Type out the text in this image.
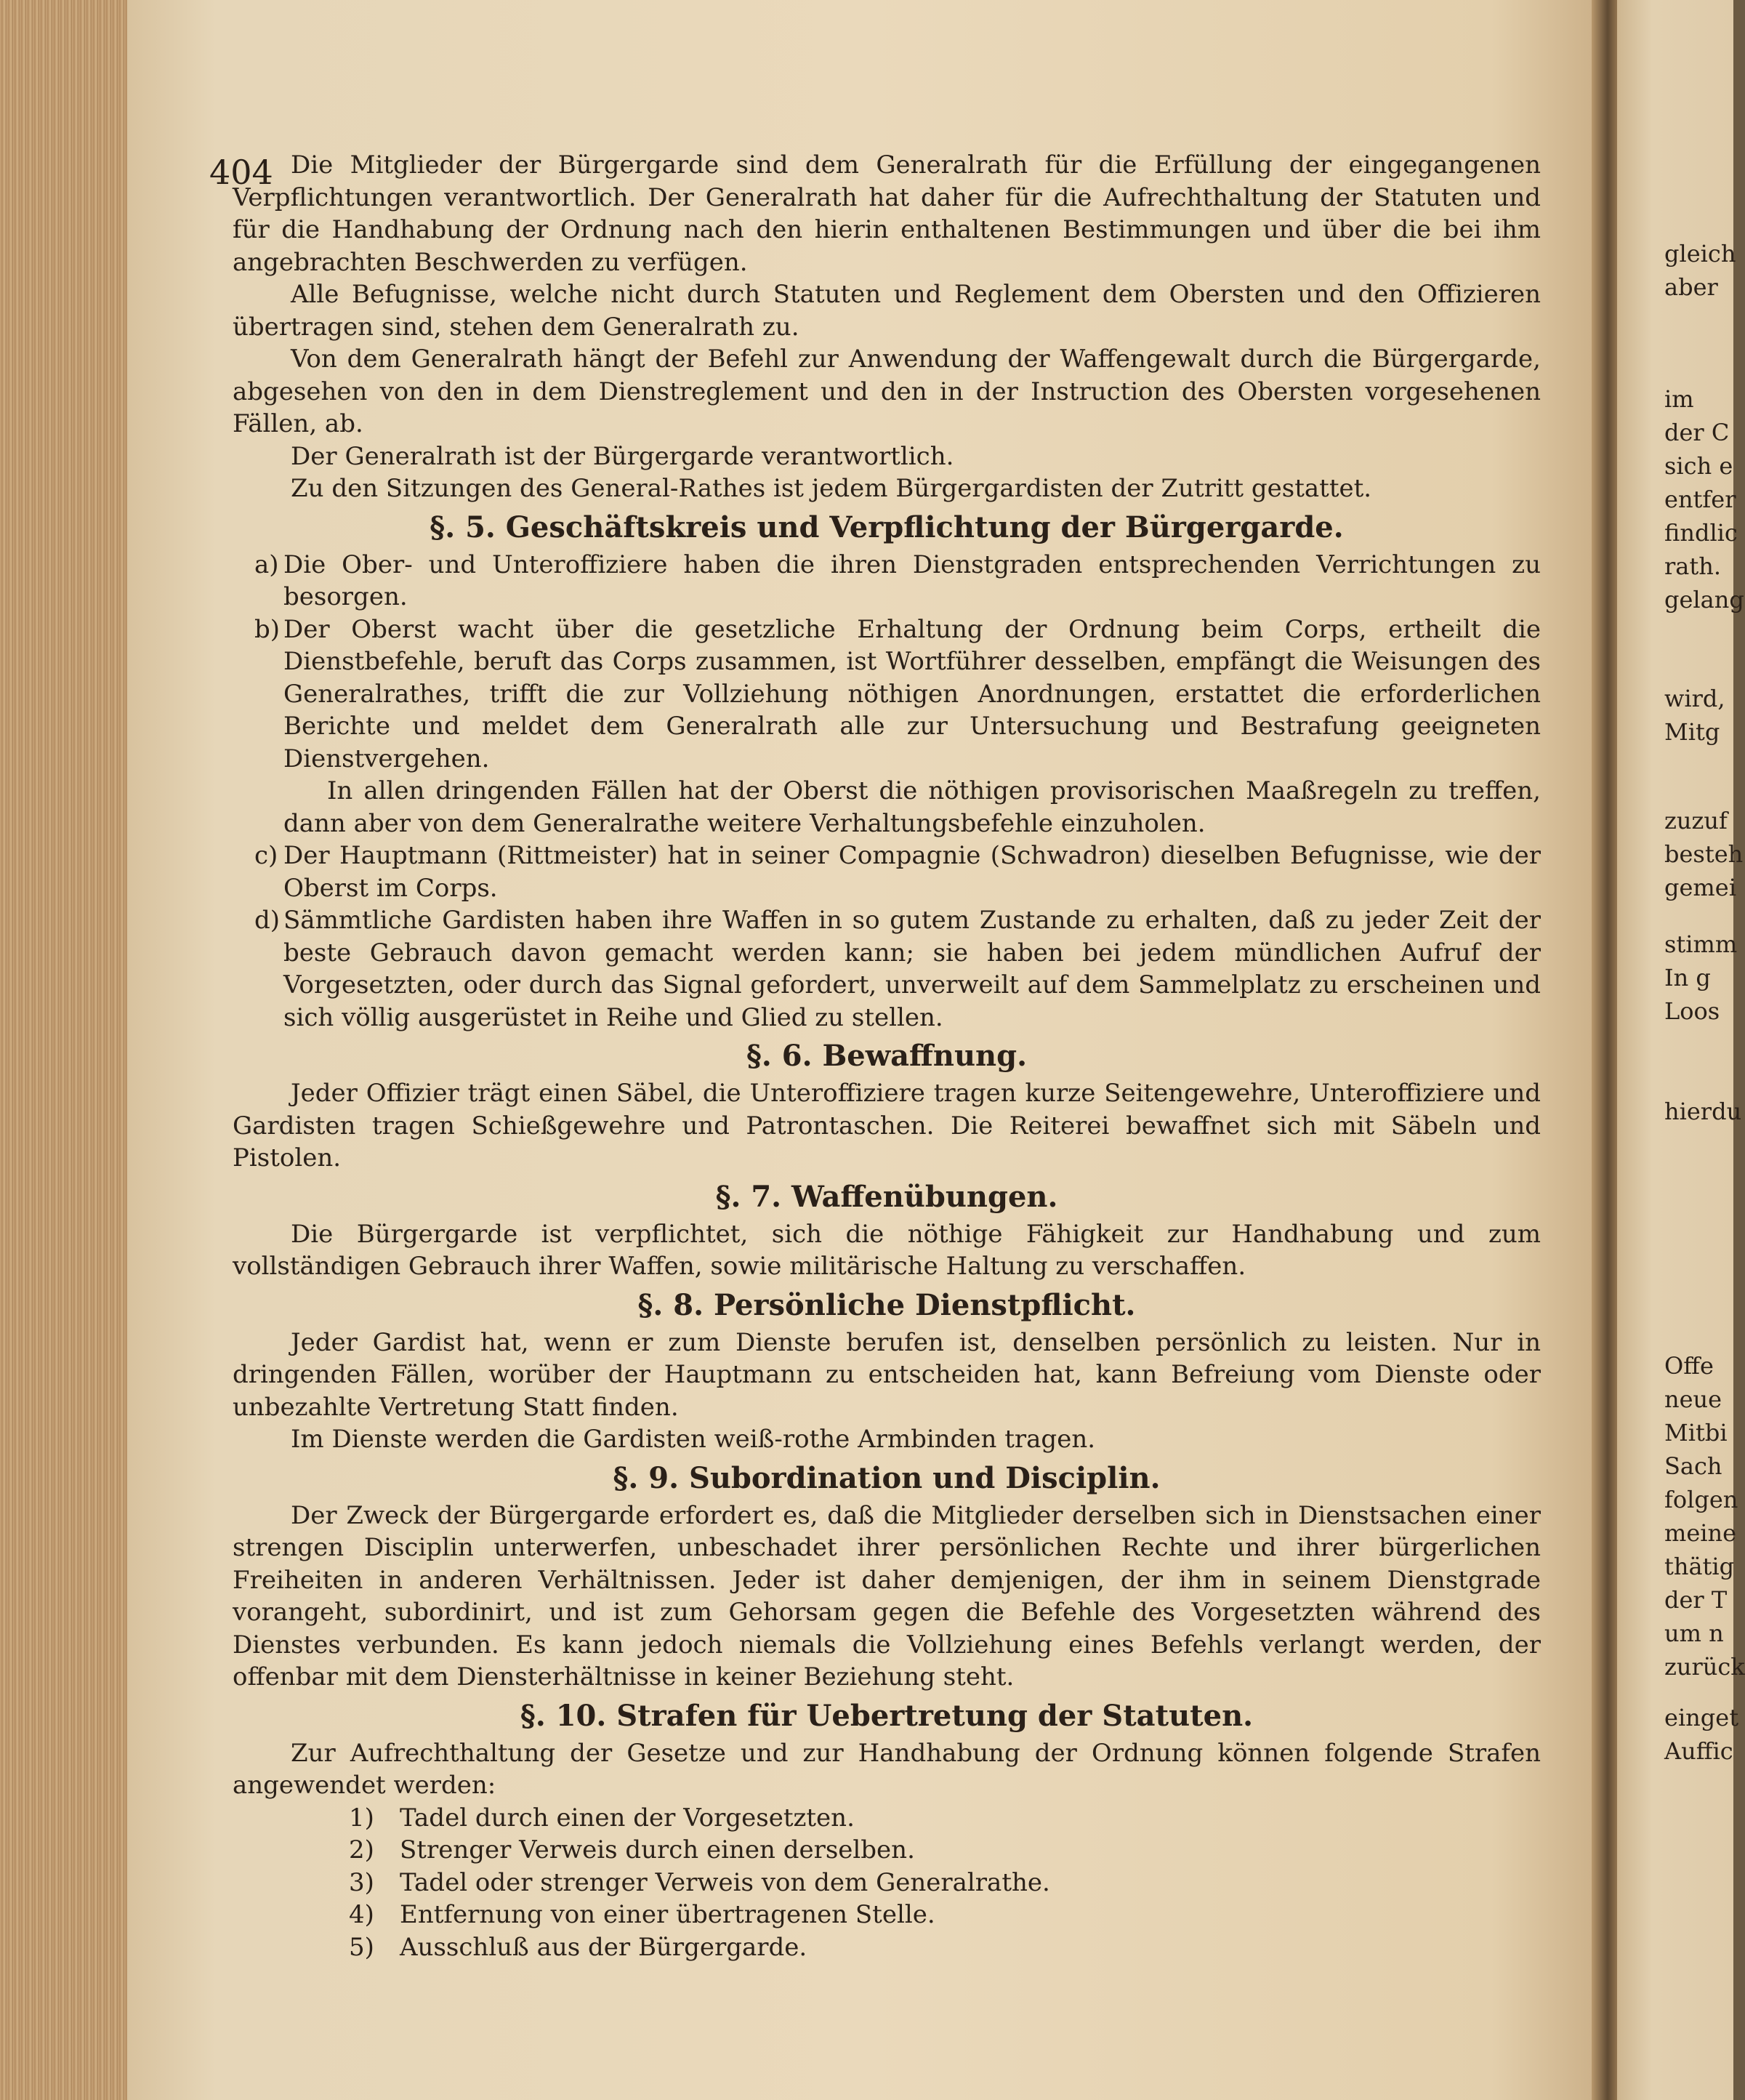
404 Die Mitglieder der Bürgergarde sind dem Generalrath für die Erfüllung der eingegangenen Verpflichtungen verantwortlich. Der Generalrath hat daher für die Aufrechthaltung der Statuten und für die Handhabung der Ordnung nach den hierin enthaltenen Bestimmungen und über die bei ihm angebrachten Beschwerden zu verfügen.

Alle Befugnisse, welche nicht durch Statuten und Reglement dem Obersten und den Offizieren übertragen sind, stehen dem Generalrath zu.

Von dem Generalrath hängt der Befehl zur Anwendung der Waffengewalt durch die Bürgergarde, abgesehen von den in dem Dienstreglement und den in der Instruction des Obersten vorgesehenen Fällen, ab.

Der Generalrath ist der Bürgergarde verantwortlich.

Zu den Sitzungen des General-Rathes ist jedem Bürgergardisten der Zutritt gestattet.

§. 5. Geschäftskreis und Verpflichtung der Bürgergarde.

a) Die Ober- und Unteroffiziere haben die ihren Dienstgraden entsprechenden Verrichtungen zu besorgen.

b) Der Oberst wacht über die gesetzliche Erhaltung der Ordnung beim Corps, ertheilt die Dienstbefehle, beruft das Corps zusammen, ist Wortführer desselben, empfängt die Weisungen des Generalrathes, trifft die zur Vollziehung nöthigen Anordnungen, erstattet die erforderlichen Berichte und meldet dem Generalrath alle zur Untersuchung und Bestrafung geeigneten Dienstvergehen.

In allen dringenden Fällen hat der Oberst die nöthigen provisorischen Maaßregeln zu treffen, dann aber von dem Generalrathe weitere Verhaltungsbefehle einzuholen.

c) Der Hauptmann (Rittmeister) hat in seiner Compagnie (Schwadron) dieselben Befugnisse, wie der Oberst im Corps.

d) Sämmtliche Gardisten haben ihre Waffen in so gutem Zustande zu erhalten, daß zu jeder Zeit der beste Gebrauch davon gemacht werden kann; sie haben bei jedem mündlichen Aufruf der Vorgesetzten, oder durch das Signal gefordert, unverweilt auf dem Sammelplatz zu erscheinen und sich völlig ausgerüstet in Reihe und Glied zu stellen.

§. 6. Bewaffnung.

Jeder Offizier trägt einen Säbel, die Unteroffiziere tragen kurze Seitengewehre, Unteroffiziere und Gardisten tragen Schießgewehre und Patrontaschen. Die Reiterei bewaffnet sich mit Säbeln und Pistolen.

§. 7. Waffenübungen.

Die Bürgergarde ist verpflichtet, sich die nöthige Fähigkeit zur Handhabung und zum vollständigen Gebrauch ihrer Waffen, sowie militärische Haltung zu verschaffen.

§. 8. Persönliche Dienstpflicht.

Jeder Gardist hat, wenn er zum Dienste berufen ist, denselben persönlich zu leisten. Nur in dringenden Fällen, worüber der Hauptmann zu entscheiden hat, kann Befreiung vom Dienste oder unbezahlte Vertretung Statt finden.

Im Dienste werden die Gardisten weiß-rothe Armbinden tragen.

§. 9. Subordination und Disciplin.

Der Zweck der Bürgergarde erfordert es, daß die Mitglieder derselben sich in Dienstsachen einer strengen Disciplin unterwerfen, unbeschadet ihrer persönlichen Rechte und ihrer bürgerlichen Freiheiten in anderen Verhältnissen. Jeder ist daher demjenigen, der ihm in seinem Dienstgrade vorangeht, subordinirt, und ist zum Gehorsam gegen die Befehle des Vorgesetzten während des Dienstes verbunden. Es kann jedoch niemals die Vollziehung eines Befehls verlangt werden, der offenbar mit dem Diensterhältnisse in keiner Beziehung steht.

§. 10. Strafen für Uebertretung der Statuten.

Zur Aufrechthaltung der Gesetze und zur Handhabung der Ordnung können folgende Strafen angewendet werden:

1) Tadel durch einen der Vorgesetzten.

2) Strenger Verweis durch einen derselben.

3) Tadel oder strenger Verweis von dem Generalrathe.

4) Entfernung von einer übertragenen Stelle.

5) Ausschluß aus der Bürgergarde.

gleich
aber
im
der C
sich e
entfer
findlic
rath.
gelang
wird,
Mitg
zuzuf
besteh
gemei
stimm
In g
Loos
hierdu
Offe
neue
Mitbi
Sach
folgen
meine
thätig
der T
um n
zurück
einget
Auffic
